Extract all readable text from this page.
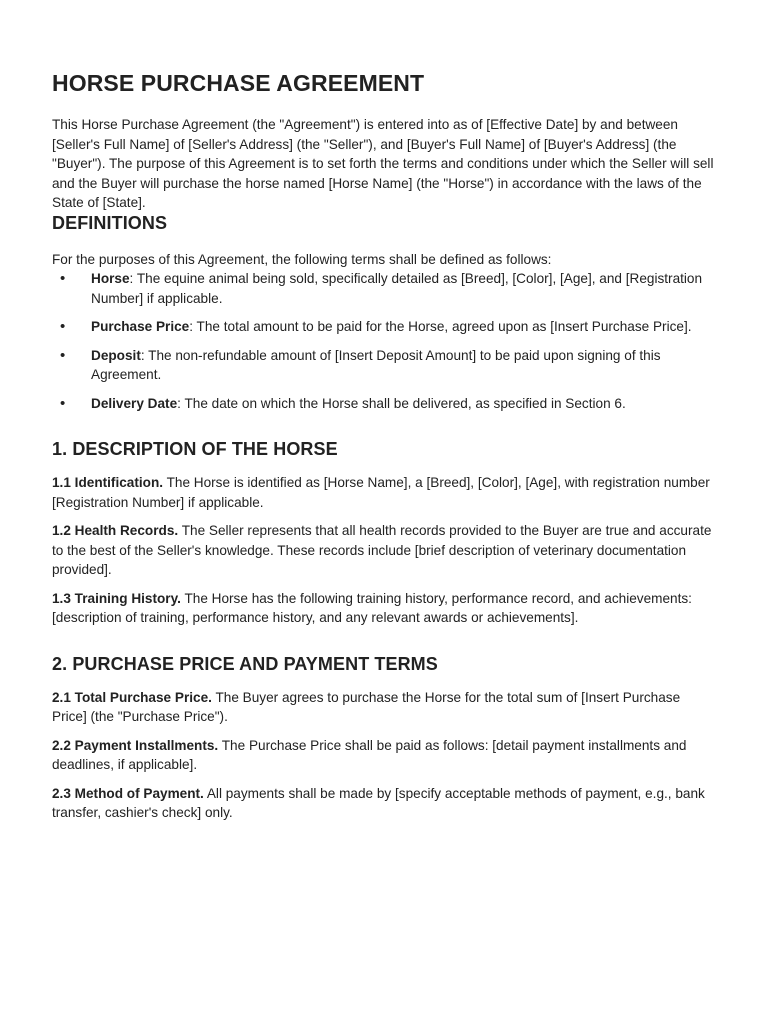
HORSE PURCHASE AGREEMENT

This Horse Purchase Agreement (the "Agreement") is entered into as of [Effective Date] by and between [Seller's Full Name] of [Seller's Address] (the "Seller"), and [Buyer's Full Name] of [Buyer's Address] (the "Buyer"). The purpose of this Agreement is to set forth the terms and conditions under which the Seller will sell and the Buyer will purchase the horse named [Horse Name] (the "Horse") in accordance with the laws of the State of [State].

DEFINITIONS

For the purposes of this Agreement, the following terms shall be defined as follows:

• Horse: The equine animal being sold, specifically detailed as [Breed], [Color], [Age], and [Registration Number] if applicable.
• Purchase Price: The total amount to be paid for the Horse, agreed upon as [Insert Purchase Price].
• Deposit: The non-refundable amount of [Insert Deposit Amount] to be paid upon signing of this Agreement.
• Delivery Date: The date on which the Horse shall be delivered, as specified in Section 6.
1. DESCRIPTION OF THE HORSE

1.1 Identification. The Horse is identified as [Horse Name], a [Breed], [Color], [Age], with registration number [Registration Number] if applicable.

1.2 Health Records. The Seller represents that all health records provided to the Buyer are true and accurate to the best of the Seller's knowledge. These records include [brief description of veterinary documentation provided].

1.3 Training History. The Horse has the following training history, performance record, and achievements: [description of training, performance history, and any relevant awards or achievements].

2. PURCHASE PRICE AND PAYMENT TERMS

2.1 Total Purchase Price. The Buyer agrees to purchase the Horse for the total sum of [Insert Purchase Price] (the "Purchase Price").

2.2 Payment Installments. The Purchase Price shall be paid as follows: [detail payment installments and deadlines, if applicable].

2.3 Method of Payment. All payments shall be made by [specify acceptable methods of payment, e.g., bank transfer, cashier's check] only.
